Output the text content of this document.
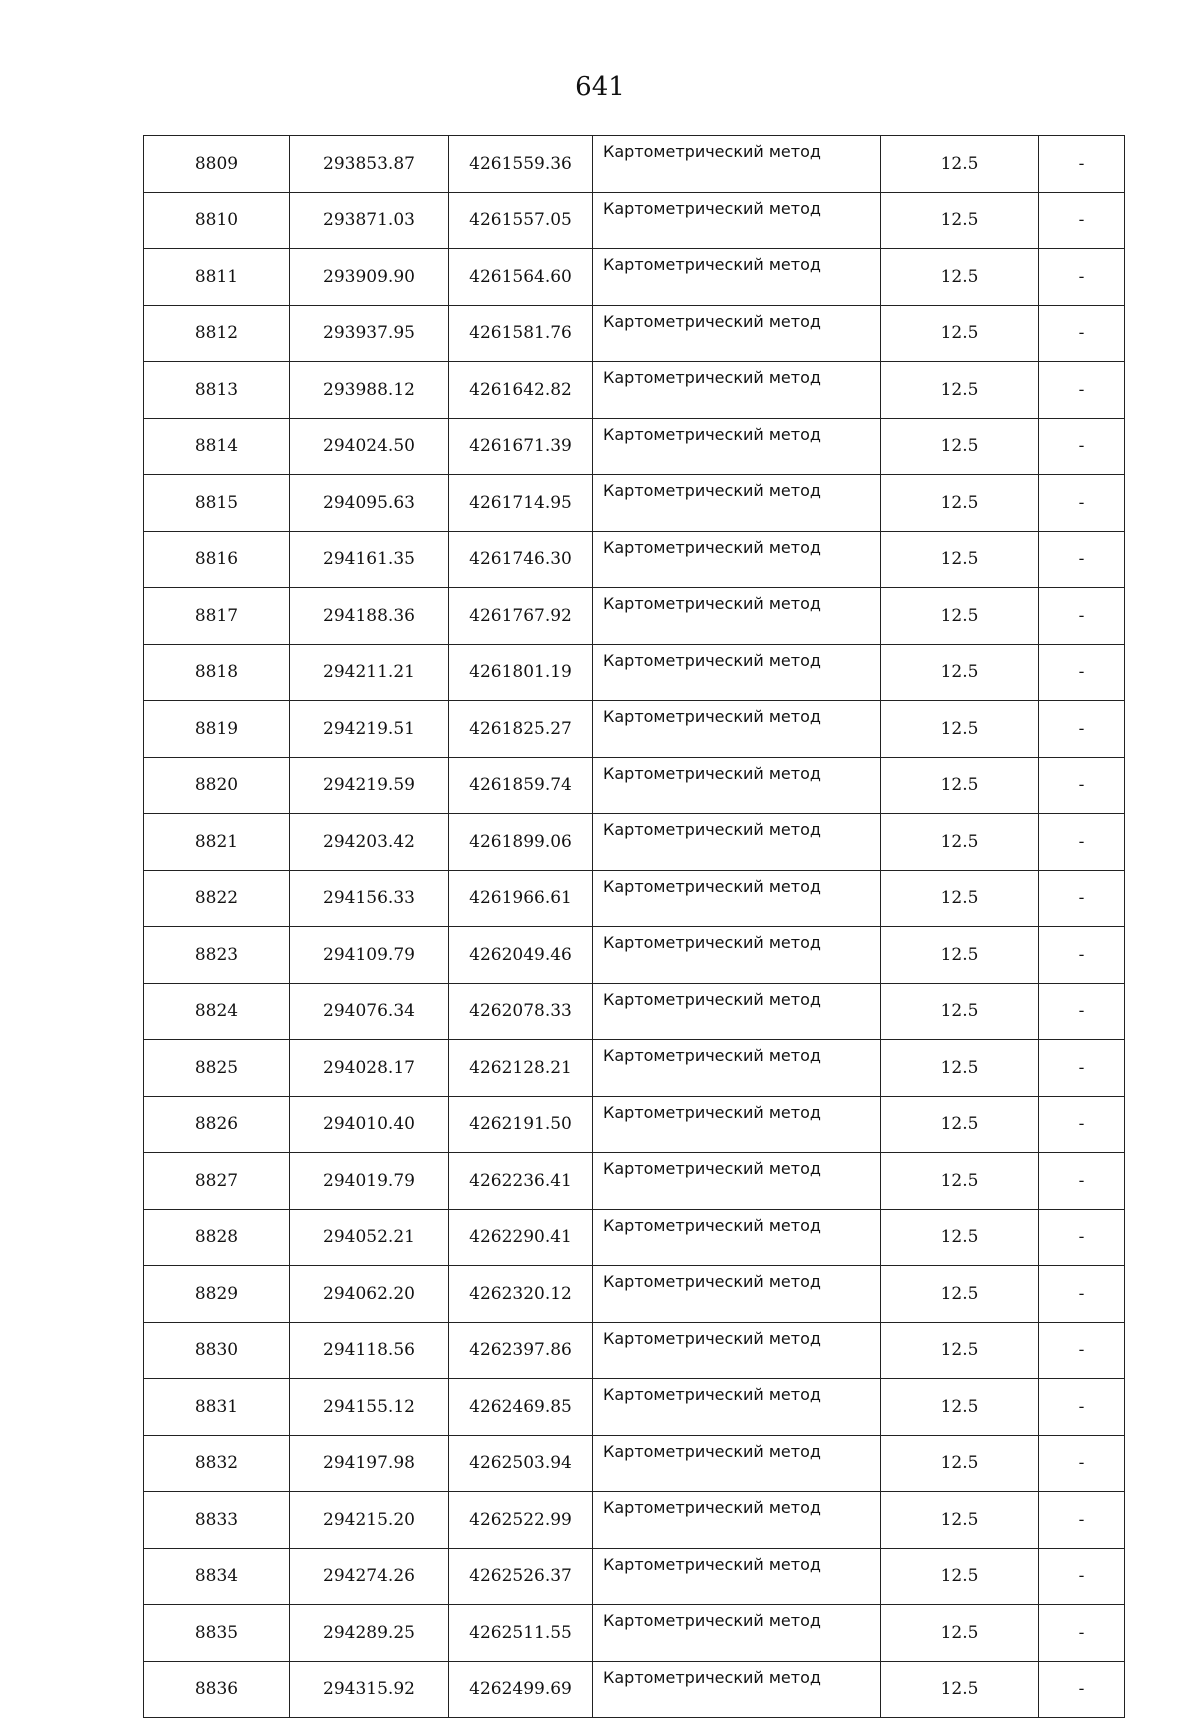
641
8809	293853.87	4261559.36	Картометрический метод	12.5	-
8810	293871.03	4261557.05	Картометрический метод	12.5	-
8811	293909.90	4261564.60	Картометрический метод	12.5	-
8812	293937.95	4261581.76	Картометрический метод	12.5	-
8813	293988.12	4261642.82	Картометрический метод	12.5	-
8814	294024.50	4261671.39	Картометрический метод	12.5	-
8815	294095.63	4261714.95	Картометрический метод	12.5	-
8816	294161.35	4261746.30	Картометрический метод	12.5	-
8817	294188.36	4261767.92	Картометрический метод	12.5	-
8818	294211.21	4261801.19	Картометрический метод	12.5	-
8819	294219.51	4261825.27	Картометрический метод	12.5	-
8820	294219.59	4261859.74	Картометрический метод	12.5	-
8821	294203.42	4261899.06	Картометрический метод	12.5	-
8822	294156.33	4261966.61	Картометрический метод	12.5	-
8823	294109.79	4262049.46	Картометрический метод	12.5	-
8824	294076.34	4262078.33	Картометрический метод	12.5	-
8825	294028.17	4262128.21	Картометрический метод	12.5	-
8826	294010.40	4262191.50	Картометрический метод	12.5	-
8827	294019.79	4262236.41	Картометрический метод	12.5	-
8828	294052.21	4262290.41	Картометрический метод	12.5	-
8829	294062.20	4262320.12	Картометрический метод	12.5	-
8830	294118.56	4262397.86	Картометрический метод	12.5	-
8831	294155.12	4262469.85	Картометрический метод	12.5	-
8832	294197.98	4262503.94	Картометрический метод	12.5	-
8833	294215.20	4262522.99	Картометрический метод	12.5	-
8834	294274.26	4262526.37	Картометрический метод	12.5	-
8835	294289.25	4262511.55	Картометрический метод	12.5	-
8836	294315.92	4262499.69	Картометрический метод	12.5	-
